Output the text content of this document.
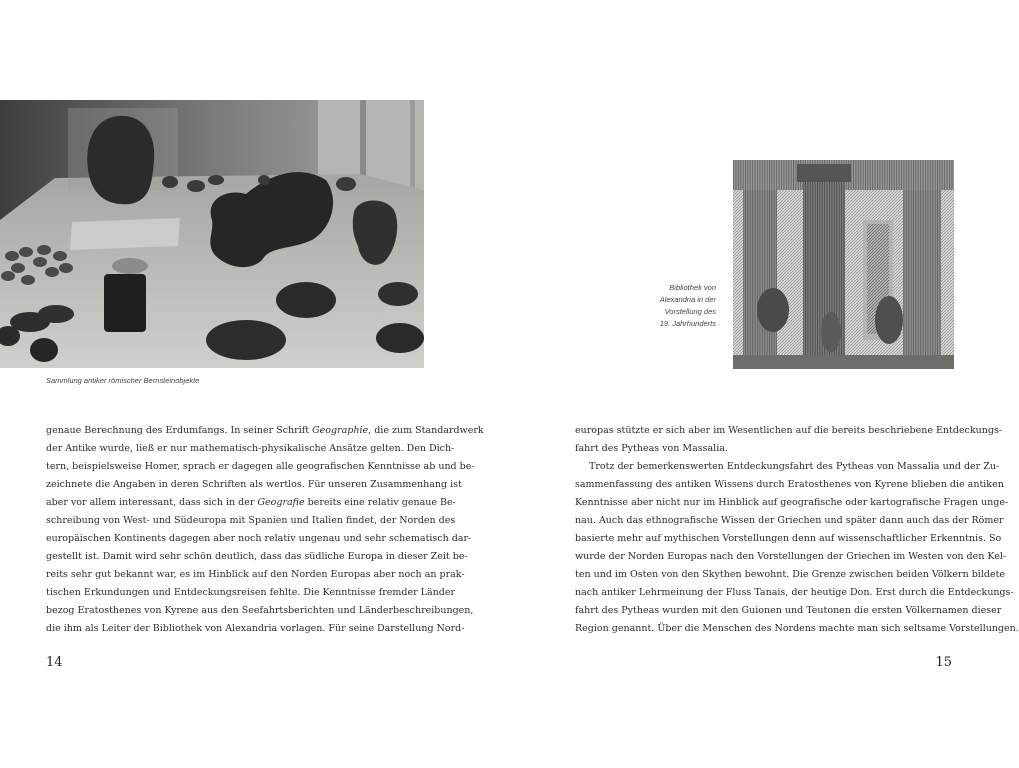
Sammlung antiker römischer Bernsteinobjekte
genaue Berechnung des Erdumfangs. In seiner Schrift Geographie, die zum Standardwerk
der Antike wurde, ließ er nur mathematisch-physikalische Ansätze gelten. Den Dich-
tern, beispielsweise Homer, sprach er dagegen alle geografischen Kenntnisse ab und be-
zeichnete die Angaben in deren Schriften als wertlos. Für unseren Zusammenhang ist
aber vor allem interessant, dass sich in der Geografie bereits eine relativ genaue Be-
schreibung von West- und Südeuropa mit Spanien und Italien findet, der Norden des
europäischen Kontinents dagegen aber noch relativ ungenau und sehr schematisch dar-
gestellt ist. Damit wird sehr schön deutlich, dass das südliche Europa in dieser Zeit be-
reits sehr gut bekannt war, es im Hinblick auf den Norden Europas aber noch an prak-
tischen Erkundungen und Entdeckungsreisen fehlte. Die Kenntnisse fremder Länder
bezog Eratosthenes von Kyrene aus den Seefahrtsberichten und Länderbeschreibungen,
die ihm als Leiter der Bibliothek von Alexandria vorlagen. Für seine Darstellung Nord-
14
Bibliothek von
Alexandria in der
Vorstellung des
19. Jahrhunderts
europas stützte er sich aber im Wesentlichen auf die bereits beschriebene Entdeckungs-
fahrt des Pytheas von Massalia.
Trotz der bemerkenswerten Entdeckungsfahrt des Pytheas von Massalia und der Zu-
sammenfassung des antiken Wissens durch Eratosthenes von Kyrene blieben die antiken
Kenntnisse aber nicht nur im Hinblick auf geografische oder kartografische Fragen unge-
nau. Auch das ethnografische Wissen der Griechen und später dann auch das der Römer
basierte mehr auf mythischen Vorstellungen denn auf wissenschaftlicher Erkenntnis. So
wurde der Norden Europas nach den Vorstellungen der Griechen im Westen von den Kel-
ten und im Osten von den Skythen bewohnt. Die Grenze zwischen beiden Völkern bildete
nach antiker Lehrmeinung der Fluss Tanais, der heutige Don. Erst durch die Entdeckungs-
fahrt des Pytheas wurden mit den Guionen und Teutonen die ersten Völkernamen dieser
Region genannt. Über die Menschen des Nordens machte man sich seltsame Vorstellungen.
15
